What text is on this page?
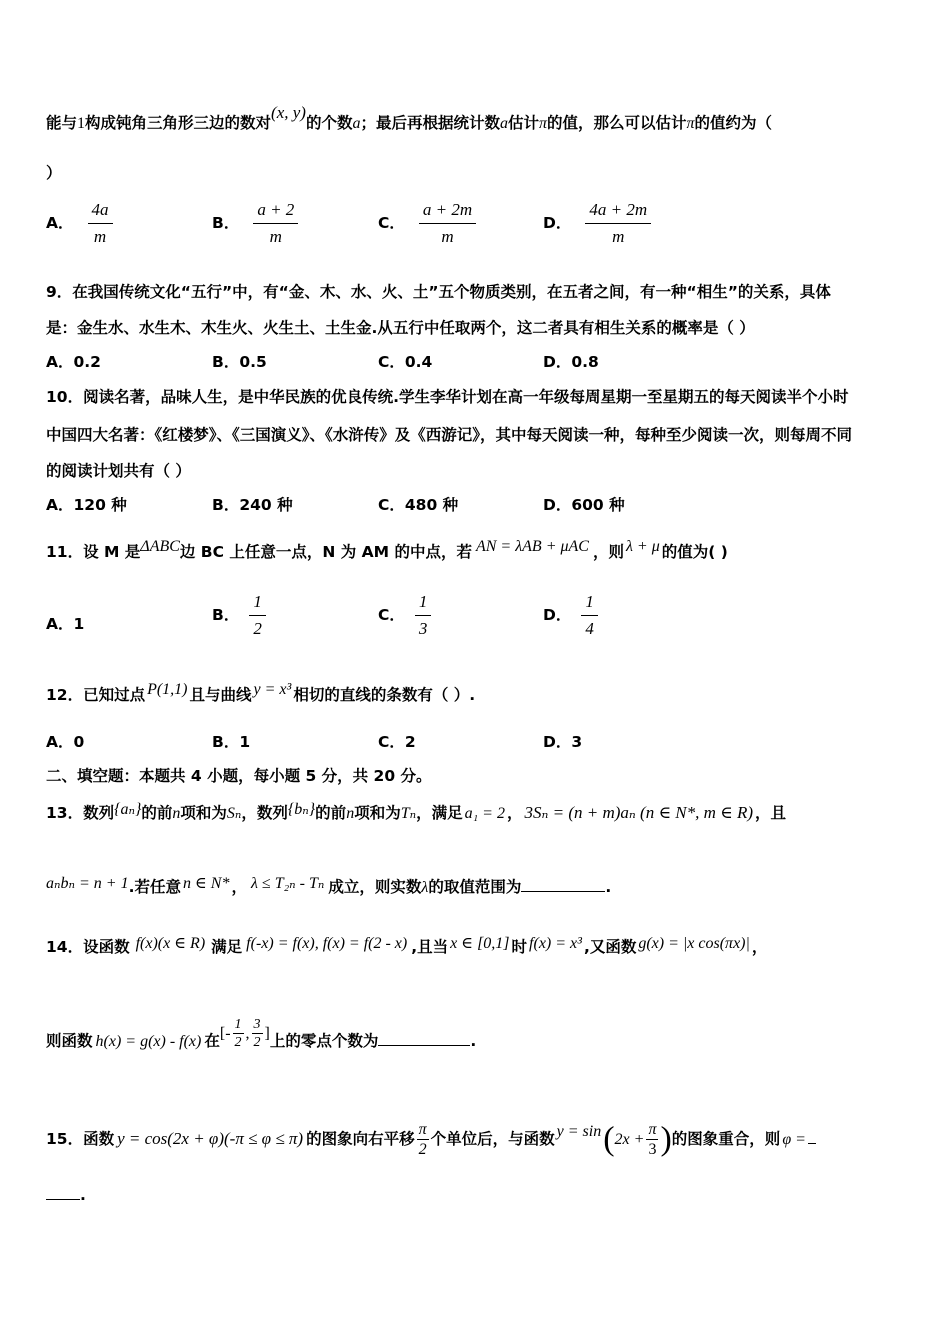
能与1构成钝角三角形三边的数对(x, y)的个数a；最后再根据统计数a估计π的值，那么可以估计π的值约为（
）
A． $\frac{4a}{m}$	B． $\frac{a + 2}{m}$	C． $\frac{a + 2m}{m}$	D． $\frac{4a + 2m}{m}$
9．在我国传统文化“五行”中，有“金、木、水、火、土”五个物质类别，在五者之间，有一种“相生”的关系，具体
是：金生水、水生木、木生火、火生土、土生金.从五行中任取两个，这二者具有相生关系的概率是（ ）
A．0.2	B．0.5	C．0.4	D．0.8
10．阅读名著，品味人生，是中华民族的优良传统.学生李华计划在高一年级每周星期一至星期五的每天阅读半个小时
中国四大名著：《红楼梦》、《三国演义》、《水浒传》及《西游记》，其中每天阅读一种，每种至少阅读一次，则每周不同
的阅读计划共有（ ）
A．120 种	B．240 种	C．480 种	D．600 种
11．设 M 是ΔABC边 BC 上任意一点，N 为 AM 的中点，若 AN = λAB + μAC ，则 λ + μ 的值为( )
A．1	B． $\frac{1}{2}$	C． $\frac{1}{3}$	D． $\frac{1}{4}$
12．已知过点 P(1,1) 且与曲线 y = x³ 相切的直线的条数有（ ）.
A．0	B．1	C．2	D．3
二、填空题：本题共 4 小题，每小题 5 分，共 20 分。
13．数列{aₙ}的前n项和为Sₙ，数列{bₙ}的前n项和为Tₙ，满足 a₁ = 2 ， 3Sₙ = (n + m)aₙ (n ∈ N*, m ∈ R) ，且
aₙbₙ = n + 1.若任意 n ∈ N* ， λ ≤ T₂ₙ - Tₙ 成立，则实数λ的取值范围为	.
14．设函数 f(x)(x ∈ R) 满足 f(-x) = f(x), f(x) = f(2 - x) ,且当 x ∈ [0,1] 时 f(x) = x³ ,又函数 g(x) = |x cos(πx)| ，
则函数 h(x) = g(x) - f(x) 在[- $\frac{1}{2}$ , $\frac{3}{2}$ ]上的零点个数为	.
15．函数 y = cos(2x + φ)(-π ≤ φ ≤ π) 的图象向右平移 $\frac{\pi}{2}$ 个单位后，与函数 $y = \sin(2x + \frac{\pi}{3}$ )的图象重合，则 φ =
.
